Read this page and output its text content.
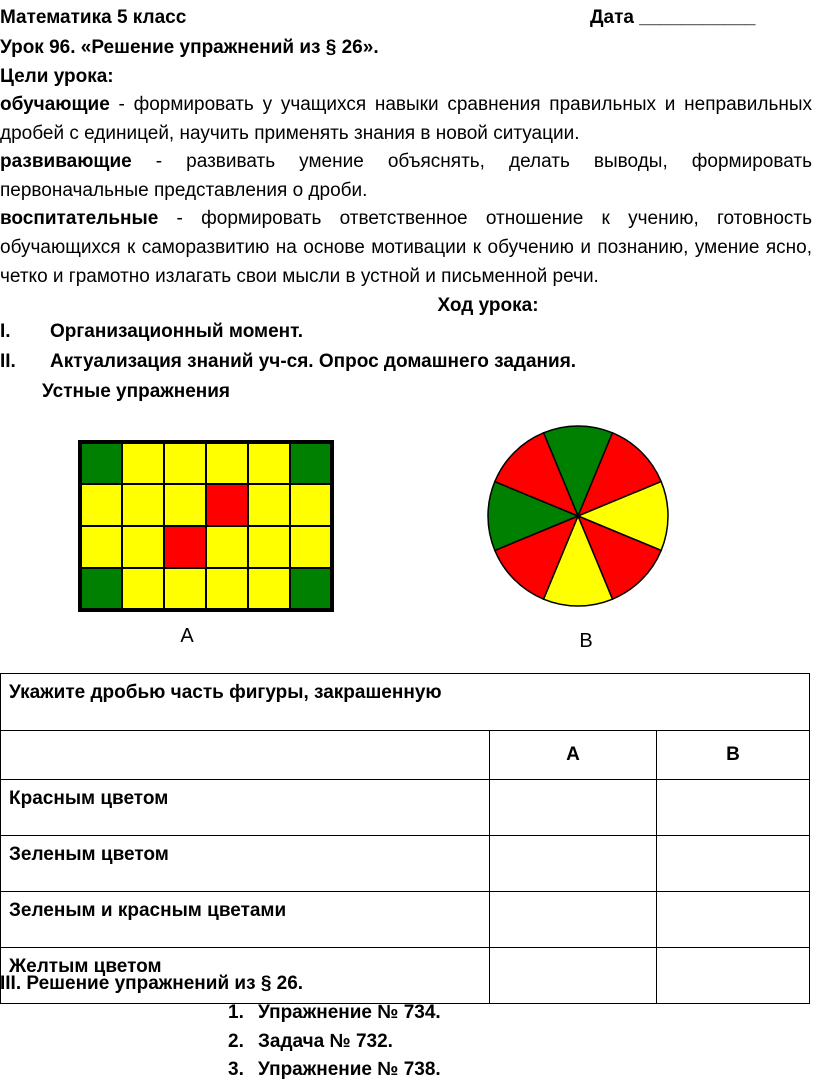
Математика 5 класс	Дата ___________
Урок 96. «Решение упражнений из § 26».
Цели урока:
обучающие - формировать у учащихся навыки сравнения правильных и неправильных дробей с единицей, научить применять знания в новой ситуации.
развивающие - развивать умение объяснять, делать выводы, формировать первоначальные представления о дроби.
воспитательные - формировать ответственное отношение к учению, готовность обучающихся к саморазвитию на основе мотивации к обучению и познанию, умение ясно, четко и грамотно излагать свои мысли в устной и письменной речи.
Ход урока:
I. Организационный момент.
II. Актуализация знаний уч-ся. Опрос домашнего задания.
Устные упражнения
А	В
Укажите дробью часть фигуры, закрашенную		
	А	В
Красным цветом		
Зеленым цветом		
Зеленым и красным цветами		
Желтым цветом		
III. Решение упражнений из § 26.
1. Упражнение № 734.
2. Задача № 732.
3. Упражнение № 738.
